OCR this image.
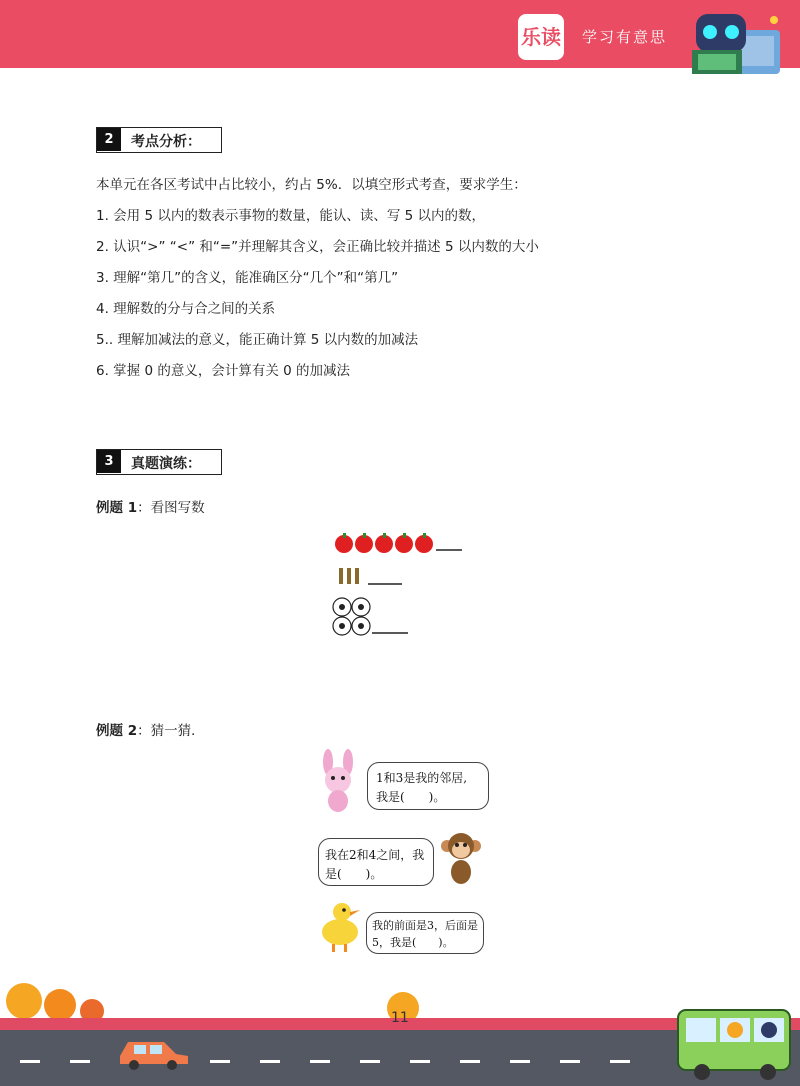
乐读 学习有意思
2	考点分析：
本单元在各区考试中占比较小，约占 5%．以填空形式考查，要求学生：
1. 会用 5 以内的数表示事物的数量，能认、读、写 5 以内的数，
2. 认识“>” “<” 和“=”并理解其含义，会正确比较并描述 5 以内数的大小
3. 理解“第几”的含义，能准确区分“几个”和“第几”
4. 理解数的分与合之间的关系
5.. 理解加减法的意义，能正确计算 5 以内数的加减法
6. 掌握 0 的意义，会计算有关 0 的加减法
3	真题演练：
例题 1：看图写数
例题 2：猜一猜．
1和3是我的邻居,
我是(　　)。
我在2和4之间，我
是(　　)。
我的前面是3，后面是
5，我是(　　)。
11
